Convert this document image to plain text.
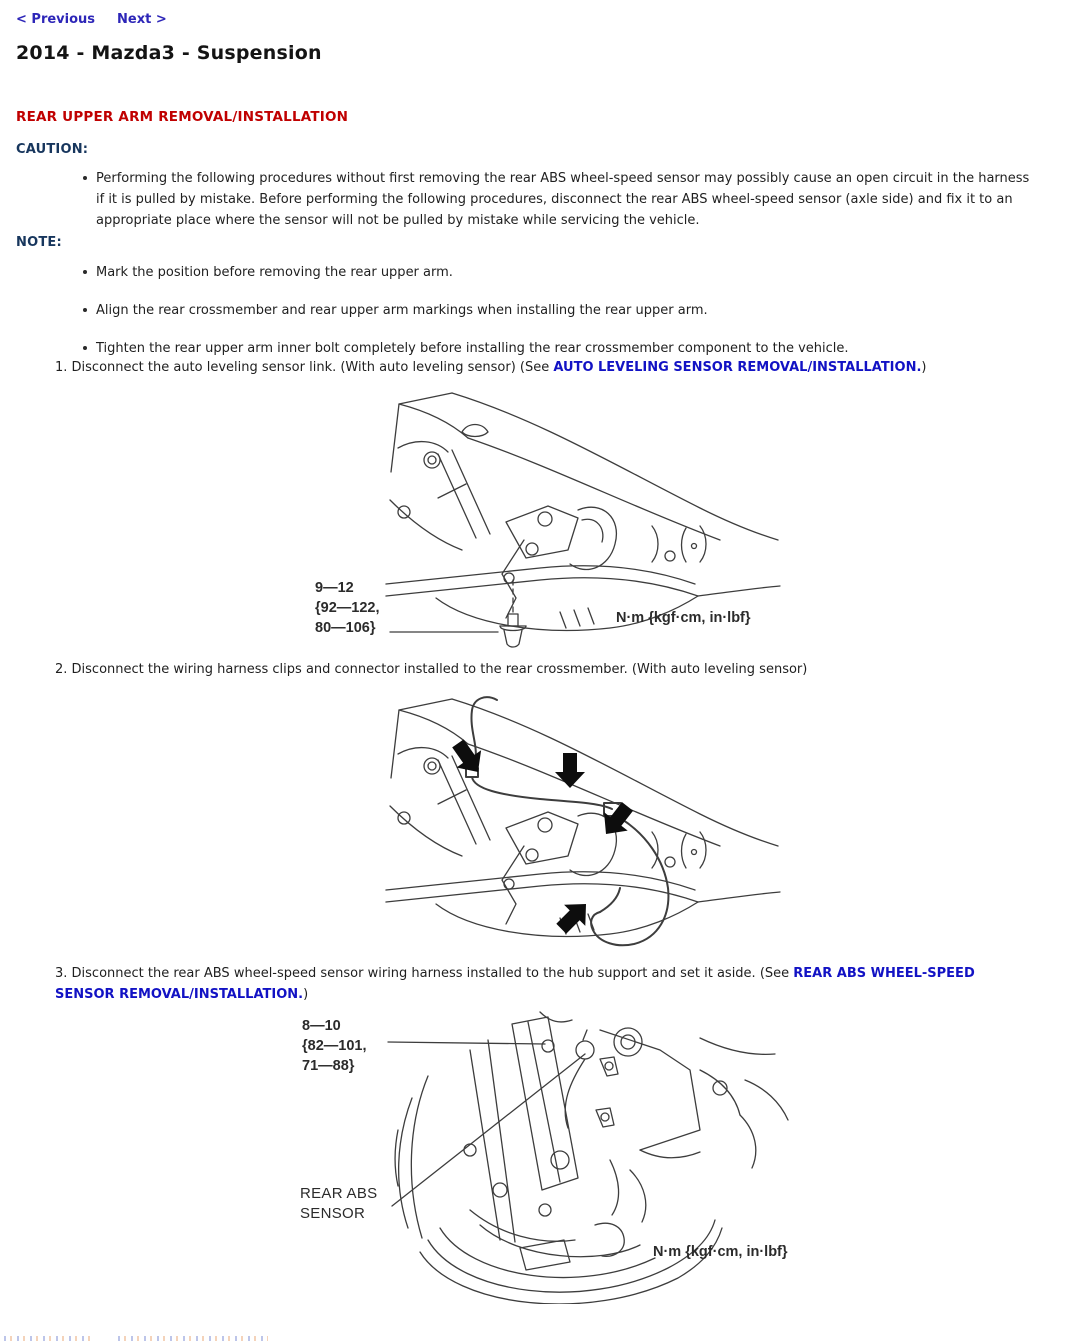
< Previous Next >
2014 - Mazda3 - Suspension
REAR UPPER ARM REMOVAL/INSTALLATION
CAUTION:
Performing the following procedures without first removing the rear ABS wheel-speed sensor may possibly cause an open circuit in the harness if it is pulled by mistake. Before performing the following procedures, disconnect the rear ABS wheel-speed sensor (axle side) and fix it to an appropriate place where the sensor will not be pulled by mistake while servicing the vehicle.
NOTE:
Mark the position before removing the rear upper arm.
Align the rear crossmember and rear upper arm markings when installing the rear upper arm.
Tighten the rear upper arm inner bolt completely before installing the rear crossmember component to the vehicle.
1. Disconnect the auto leveling sensor link. (With auto leveling sensor) (See AUTO LEVELING SENSOR REMOVAL/INSTALLATION.)
9—12
{92—122,
80—106}
N·m {kgf·cm, in·lbf}
2. Disconnect the wiring harness clips and connector installed to the rear crossmember. (With auto leveling sensor)
3. Disconnect the rear ABS wheel-speed sensor wiring harness installed to the hub support and set it aside. (See REAR ABS WHEEL-SPEED SENSOR REMOVAL/INSTALLATION.)
8—10
{82—101,
71—88}
REAR ABS
SENSOR
N·m {kgf·cm, in·lbf}
